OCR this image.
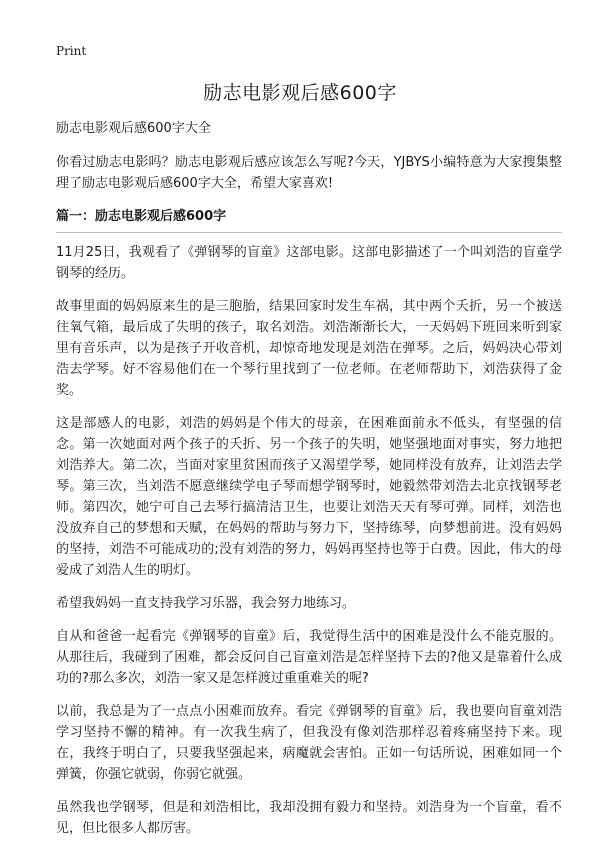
Print
励志电影观后感600字

励志电影观后感600字大全

你看过励志电影吗？励志电影观后感应该怎么写呢?今天，YJBYS小编特意为大家搜集整理了励志电影观后感600字大全，希望大家喜欢!

篇一：励志电影观后感600字

11月25日，我观看了《弹钢琴的盲童》这部电影。这部电影描述了一个叫刘浩的盲童学钢琴的经历。

故事里面的妈妈原来生的是三胞胎，结果回家时发生车祸，其中两个夭折，另一个被送往氧气箱，最后成了失明的孩子，取名刘浩。刘浩渐渐长大，一天妈妈下班回来听到家里有音乐声，以为是孩子开收音机，却惊奇地发现是刘浩在弹琴。之后，妈妈决心带刘浩去学琴。好不容易他们在一个琴行里找到了一位老师。在老师帮助下，刘浩获得了金奖。

这是部感人的电影，刘浩的妈妈是个伟大的母亲，在困难面前永不低头，有坚强的信念。第一次她面对两个孩子的夭折、另一个孩子的失明，她坚强地面对事实，努力地把刘浩养大。第二次，当面对家里贫困而孩子又渴望学琴，她同样没有放弃，让刘浩去学琴。第三次，当刘浩不愿意继续学电子琴而想学钢琴时，她毅然带刘浩去北京找钢琴老师。第四次，她宁可自己去琴行搞清洁卫生，也要让刘浩天天有琴可弹。同样，刘浩也没放弃自己的梦想和天赋，在妈妈的帮助与努力下，坚持练琴，向梦想前进。没有妈妈的坚持，刘浩不可能成功的;没有刘浩的努力，妈妈再坚持也等于白费。因此，伟大的母爱成了刘浩人生的明灯。

希望我妈妈一直支持我学习乐器，我会努力地练习。

自从和爸爸一起看完《弹钢琴的盲童》后，我觉得生活中的困难是没什么不能克服的。从那往后，我碰到了困难，都会反问自己盲童刘浩是怎样坚持下去的?他又是靠着什么成功的?那么多次，刘浩一家又是怎样渡过重重难关的呢?

以前，我总是为了一点点小困难而放弃。看完《弹钢琴的盲童》后，我也要向盲童刘浩学习坚持不懈的精神。有一次我生病了，但我没有像刘浩那样忍着疼痛坚持下来。现在，我终于明白了，只要我坚强起来，病魔就会害怕。正如一句话所说，困难如同一个弹簧，你强它就弱，你弱它就强。

虽然我也学钢琴，但是和刘浩相比，我却没拥有毅力和坚持。刘浩身为一个盲童，看不见，但比很多人都厉害。
